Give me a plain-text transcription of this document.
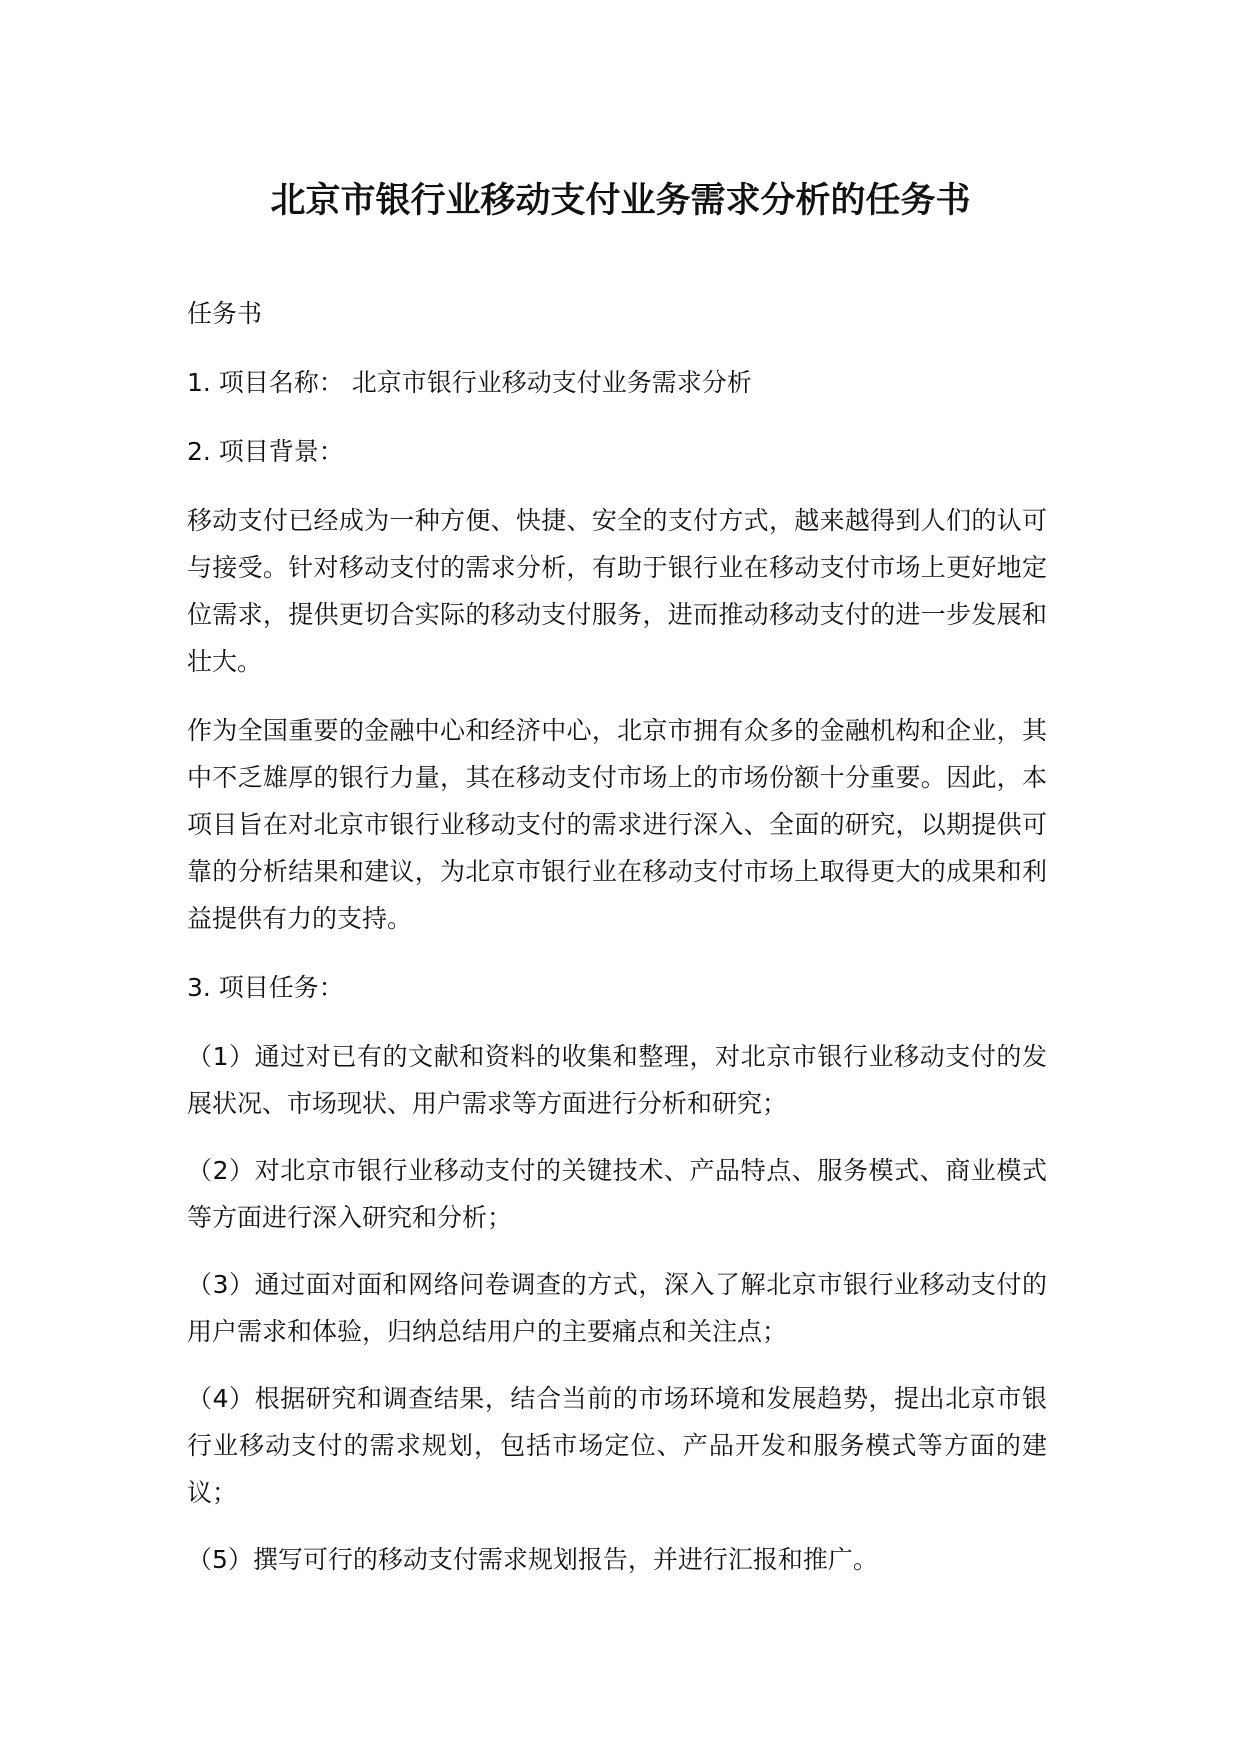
北京市银行业移动支付业务需求分析的任务书

任务书

1. 项目名称： 北京市银行业移动支付业务需求分析

2. 项目背景：

移动支付已经成为一种方便、快捷、安全的支付方式，越来越得到人们的认可与接受。针对移动支付的需求分析，有助于银行业在移动支付市场上更好地定位需求，提供更切合实际的移动支付服务，进而推动移动支付的进一步发展和壮大。

作为全国重要的金融中心和经济中心，北京市拥有众多的金融机构和企业，其中不乏雄厚的银行力量，其在移动支付市场上的市场份额十分重要。因此，本项目旨在对北京市银行业移动支付的需求进行深入、全面的研究，以期提供可靠的分析结果和建议，为北京市银行业在移动支付市场上取得更大的成果和利益提供有力的支持。

3. 项目任务：

（1）通过对已有的文献和资料的收集和整理，对北京市银行业移动支付的发展状况、市场现状、用户需求等方面进行分析和研究；

（2）对北京市银行业移动支付的关键技术、产品特点、服务模式、商业模式等方面进行深入研究和分析；

（3）通过面对面和网络问卷调查的方式，深入了解北京市银行业移动支付的用户需求和体验，归纳总结用户的主要痛点和关注点；

（4）根据研究和调查结果，结合当前的市场环境和发展趋势，提出北京市银行业移动支付的需求规划，包括市场定位、产品开发和服务模式等方面的建议；

（5）撰写可行的移动支付需求规划报告，并进行汇报和推广。
